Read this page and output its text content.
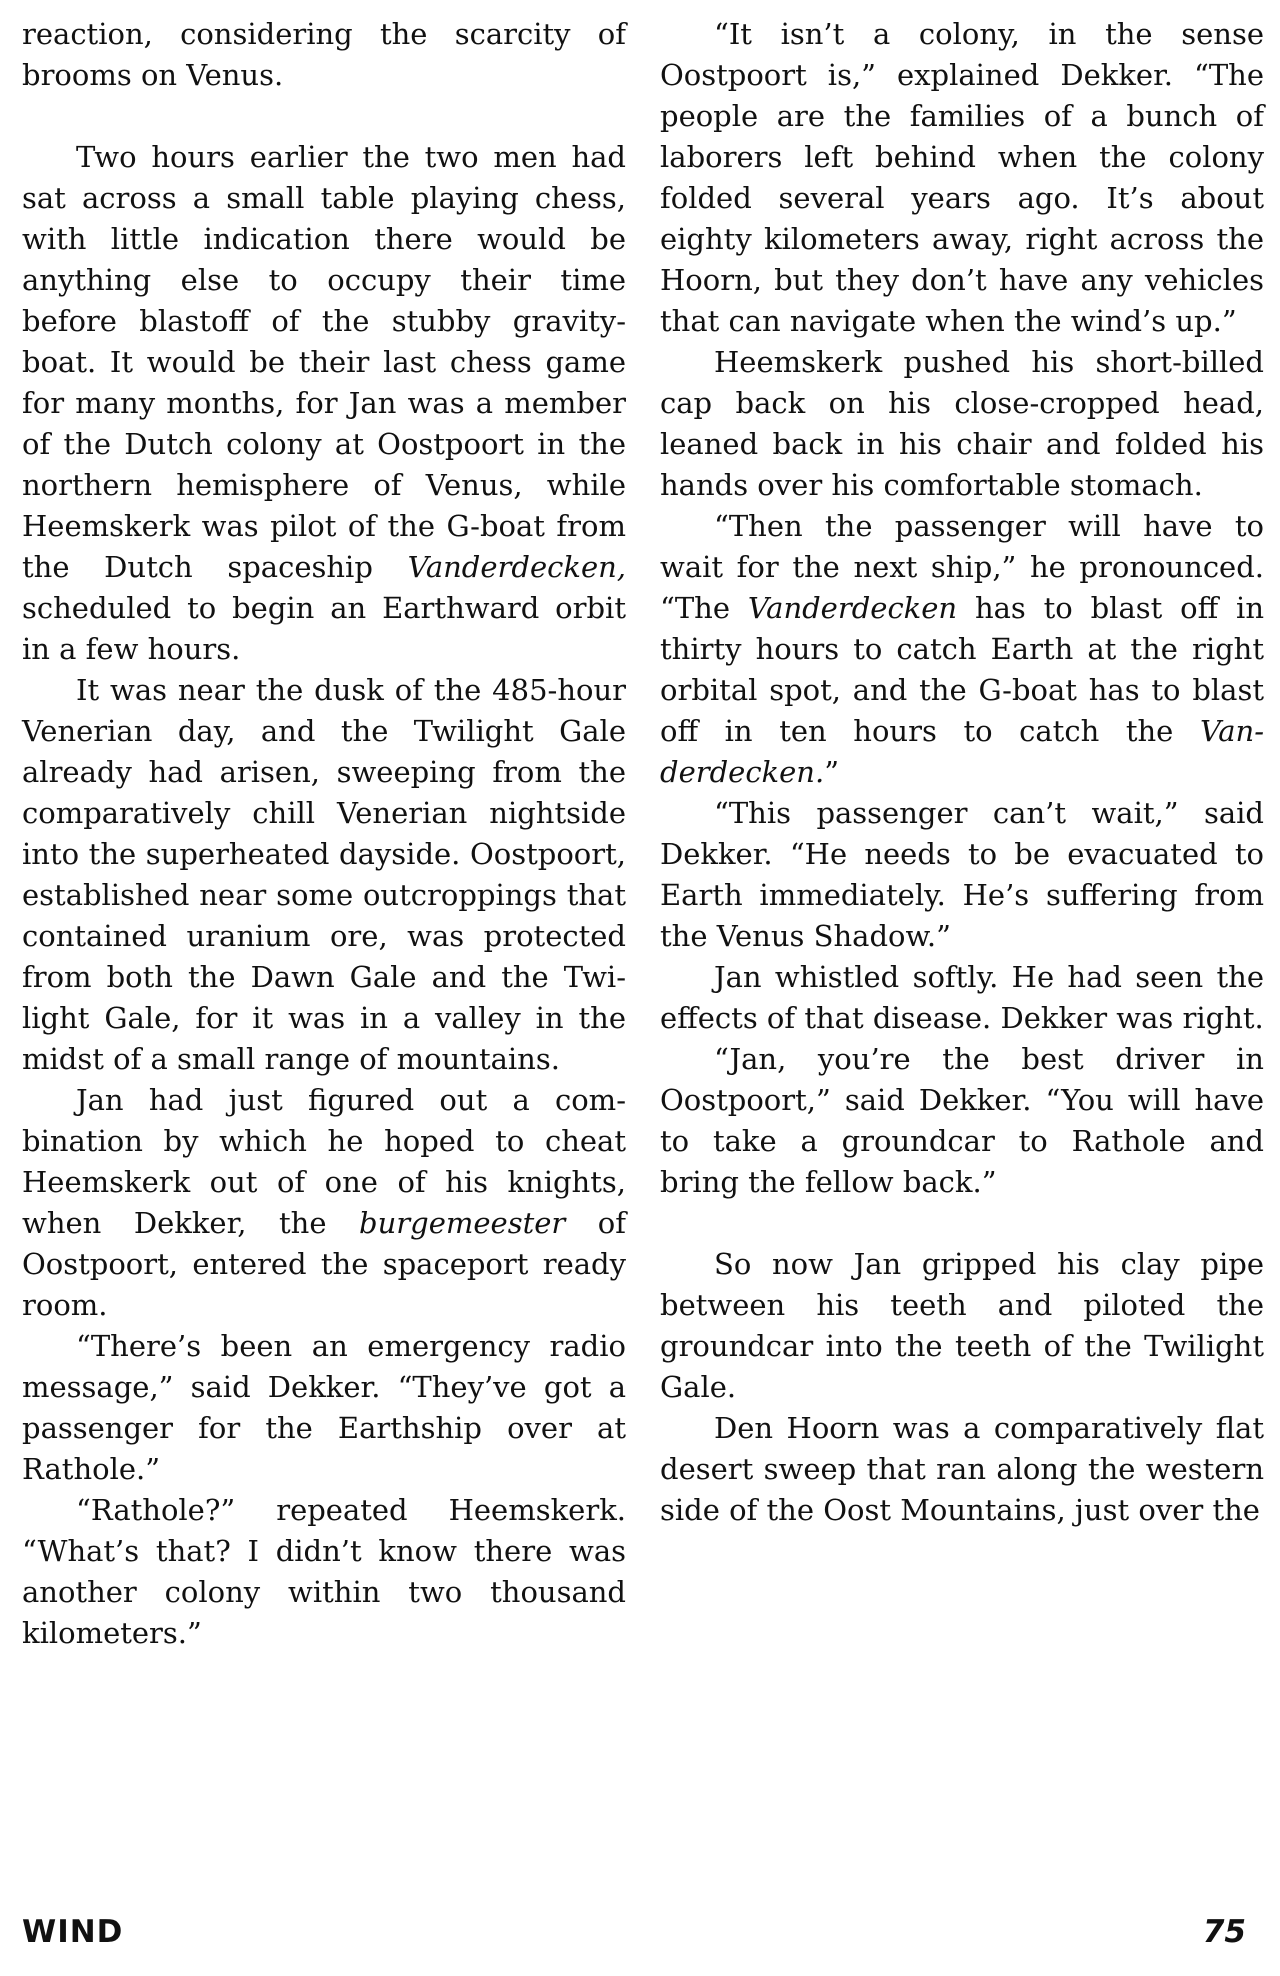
reaction, considering the scarcity of brooms on Venus.

Two hours earlier the two men had sat across a small table playing chess, with little indication there would be anything else to occupy their time before blastoff of the stubby gravity-boat. It would be their last chess game for many months, for Jan was a member of the Dutch colony at Oostpoort in the northern hemisphere of Venus, while Heemskerk was pilot of the G-boat from the Dutch spaceship Vanderdecken, scheduled to begin an Earthward orbit in a few hours.

It was near the dusk of the 485-hour Venerian day, and the Twilight Gale already had arisen, sweeping from the comparatively chill Venerian nightside into the superheated dayside. Oostpoort, established near some outcroppings that contained uranium ore, was protected from both the Dawn Gale and the Twilight Gale, for it was in a valley in the midst of a small range of mountains.

Jan had just figured out a combination by which he hoped to cheat Heemskerk out of one of his knights, when Dekker, the burgemeester of Oostpoort, entered the spaceport ready room.

“There’s been an emergency radio message,” said Dekker. “They’ve got a passenger for the Earthship over at Rathole.”

“Rathole?” repeated Heemskerk. “What’s that? I didn’t know there was another colony within two thousand kilometers.”

“It isn’t a colony, in the sense Oostpoort is,” explained Dekker. “The people are the families of a bunch of laborers left behind when the colony folded several years ago. It’s about eighty kilometers away, right across the Hoorn, but they don’t have any vehicles that can navigate when the wind’s up.”

Heemskerk pushed his short-billed cap back on his close-cropped head, leaned back in his chair and folded his hands over his comfortable stomach.

“Then the passenger will have to wait for the next ship,” he pronounced. “The Vanderdecken has to blast off in thirty hours to catch Earth at the right orbital spot, and the G-boat has to blast off in ten hours to catch the Vanderdecken.”

“This passenger can’t wait,” said Dekker. “He needs to be evacuated to Earth immediately. He’s suffering from the Venus Shadow.”

Jan whistled softly. He had seen the effects of that disease. Dekker was right.

“Jan, you’re the best driver in Oostpoort,” said Dekker. “You will have to take a groundcar to Rathole and bring the fellow back.”

So now Jan gripped his clay pipe between his teeth and piloted the groundcar into the teeth of the Twilight Gale.

Den Hoorn was a comparatively flat desert sweep that ran along the western side of the Oost Mountains, just over the

WIND	75
